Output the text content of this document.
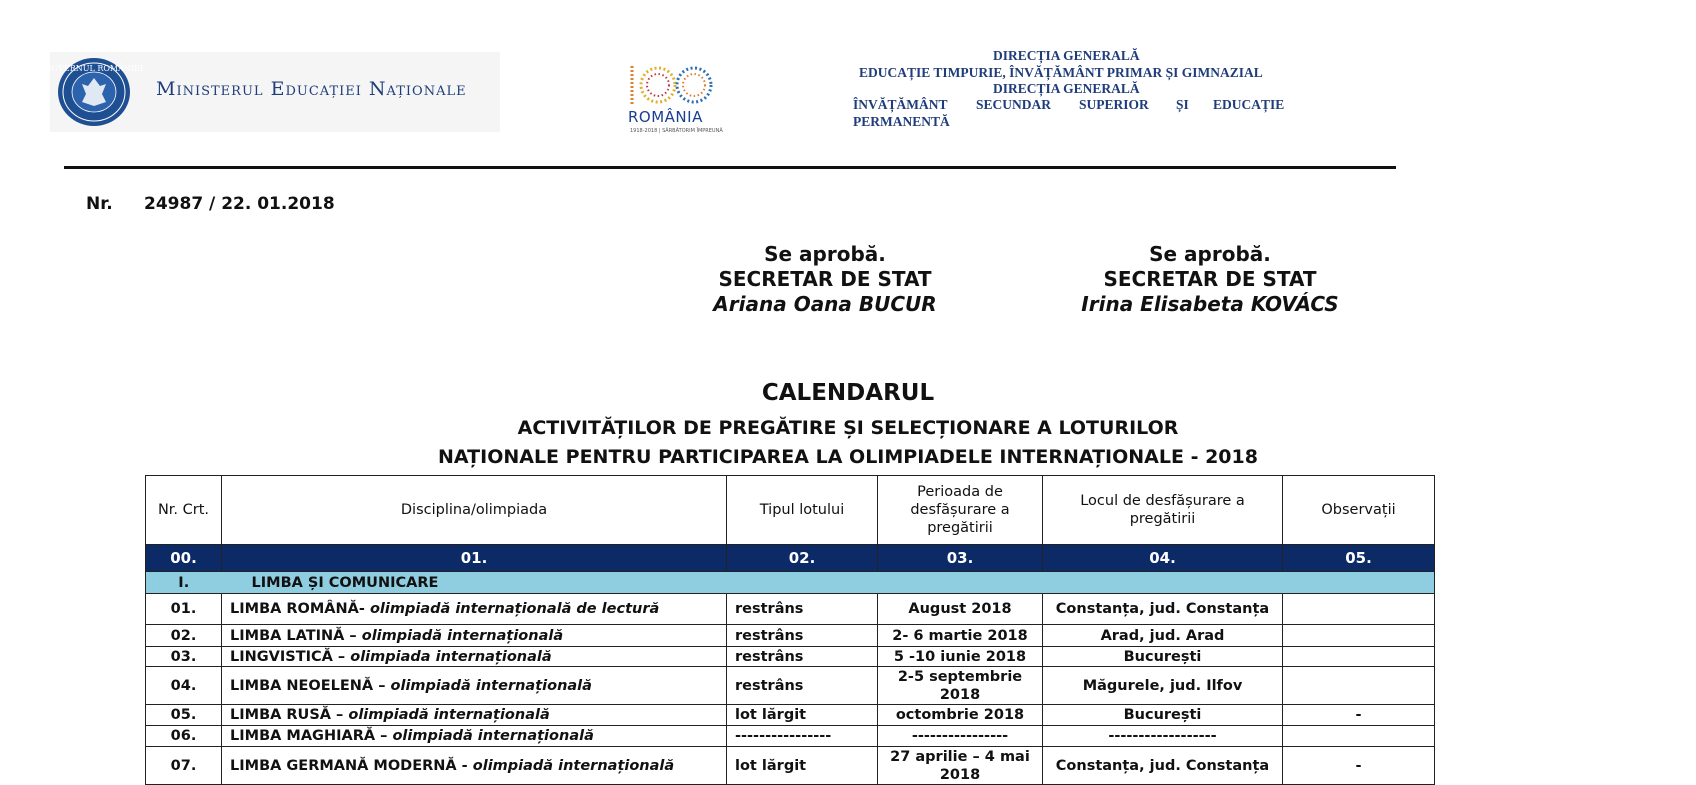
GUVERNUL ROMÂNIEI
Ministerul Educației Naționale
ROMÂNIA
1918-2018 | SĂRBĂTORIM ÎMPREUNĂ
DIRECȚIA GENERALĂ
EDUCAȚIE TIMPURIE, ÎNVĂȚĂMÂNT PRIMAR ȘI GIMNAZIAL
DIRECȚIA GENERALĂ
ÎNVĂȚĂMÂNT SECUNDAR SUPERIOR ȘI EDUCAȚIE
PERMANENTĂ
Nr. 24987 / 22. 01.2018
Se aprobă.
SECRETAR DE STAT
Ariana Oana BUCUR
Se aprobă.
SECRETAR DE STAT
Irina Elisabeta KOVÁCS
CALENDARUL
ACTIVITĂȚILOR DE PREGĂTIRE ȘI SELECȚIONARE A LOTURILOR
NAȚIONALE PENTRU PARTICIPAREA LA OLIMPIADELE INTERNAȚIONALE - 2018
Nr. Crt.	Disciplina/olimpiada	Tipul lotului	Perioada de desfășurare a pregătirii	Locul de desfășurare a pregătirii	Observații
00.	01.	02.	03.	04.	05.
I.	LIMBA ȘI COMUNICARE				
01.	LIMBA ROMÂNĂ- olimpiadă internațională de lectură	restrâns	August 2018	Constanța, jud. Constanța	
02.	LIMBA LATINĂ – olimpiadă internațională	restrâns	2- 6 martie 2018	Arad, jud. Arad	
03.	LINGVISTICĂ – olimpiada internațională	restrâns	5 -10 iunie 2018	București	
04.	LIMBA NEOELENĂ – olimpiadă internațională	restrâns	2-5 septembrie 2018	Măgurele, jud. Ilfov	
05.	LIMBA RUSĂ – olimpiadă internațională	lot lărgit	octombrie 2018	București	-
06.	LIMBA MAGHIARĂ – olimpiadă internațională	----------------	----------------	------------------	
07.	LIMBA GERMANĂ MODERNĂ - olimpiadă internațională	lot lărgit	27 aprilie – 4 mai 2018	Constanța, jud. Constanța	-
